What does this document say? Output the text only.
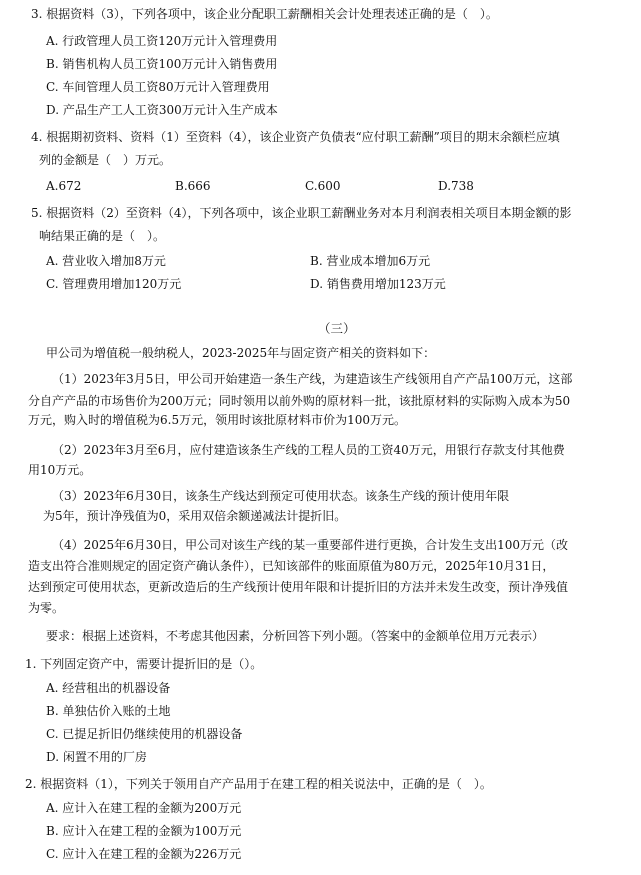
3. 根据资料（3），下列各项中，该企业分配职工薪酬相关会计处理表述正确的是（　）。
A. 行政管理人员工资120万元计入管理费用
B. 销售机构人员工资100万元计入销售费用
C. 车间管理人员工资80万元计入管理费用
D. 产品生产工人工资300万元计入生产成本
4. 根据期初资料、资料（1）至资料（4），该企业资产负债表“应付职工薪酬”项目的期末余额栏应填
列的金额是（　）万元。
A.672	B.666	C.600	D.738
5. 根据资料（2）至资料（4），下列各项中，该企业职工薪酬业务对本月利润表相关项目本期金额的影
响结果正确的是（　）。
A. 营业收入增加8万元	B. 营业成本增加6万元
C. 管理费用增加120万元	D. 销售费用增加123万元
（三）
甲公司为增值税一般纳税人，2023-2025年与固定资产相关的资料如下：
（1）2023年3月5日，甲公司开始建造一条生产线，为建造该生产线领用自产产品100万元，这部
分自产产品的市场售价为200万元；同时领用以前外购的原材料一批，该批原材料的实际购入成本为50
万元，购入时的增值税为6.5万元，领用时该批原材料市价为100万元。
（2）2023年3月至6月，应付建造该条生产线的工程人员的工资40万元，用银行存款支付其他费
用10万元。
（3）2023年6月30日，该条生产线达到预定可使用状态。该条生产线的预计使用年限
为5年，预计净残值为0，采用双倍余额递减法计提折旧。
（4）2025年6月30日，甲公司对该生产线的某一重要部件进行更换，合计发生支出100万元（改
造支出符合准则规定的固定资产确认条件），已知该部件的账面原值为80万元，2025年10月31日，
达到预定可使用状态，更新改造后的生产线预计使用年限和计提折旧的方法并未发生改变，预计净残值
为零。
要求：根据上述资料，不考虑其他因素，分析回答下列小题。（答案中的金额单位用万元表示）
1. 下列固定资产中，需要计提折旧的是（）。
A. 经营租出的机器设备
B. 单独估价入账的土地
C. 已提足折旧仍继续使用的机器设备
D. 闲置不用的厂房
2. 根据资料（1），下列关于领用自产产品用于在建工程的相关说法中，正确的是（　）。
A. 应计入在建工程的金额为200万元
B. 应计入在建工程的金额为100万元
C. 应计入在建工程的金额为226万元
